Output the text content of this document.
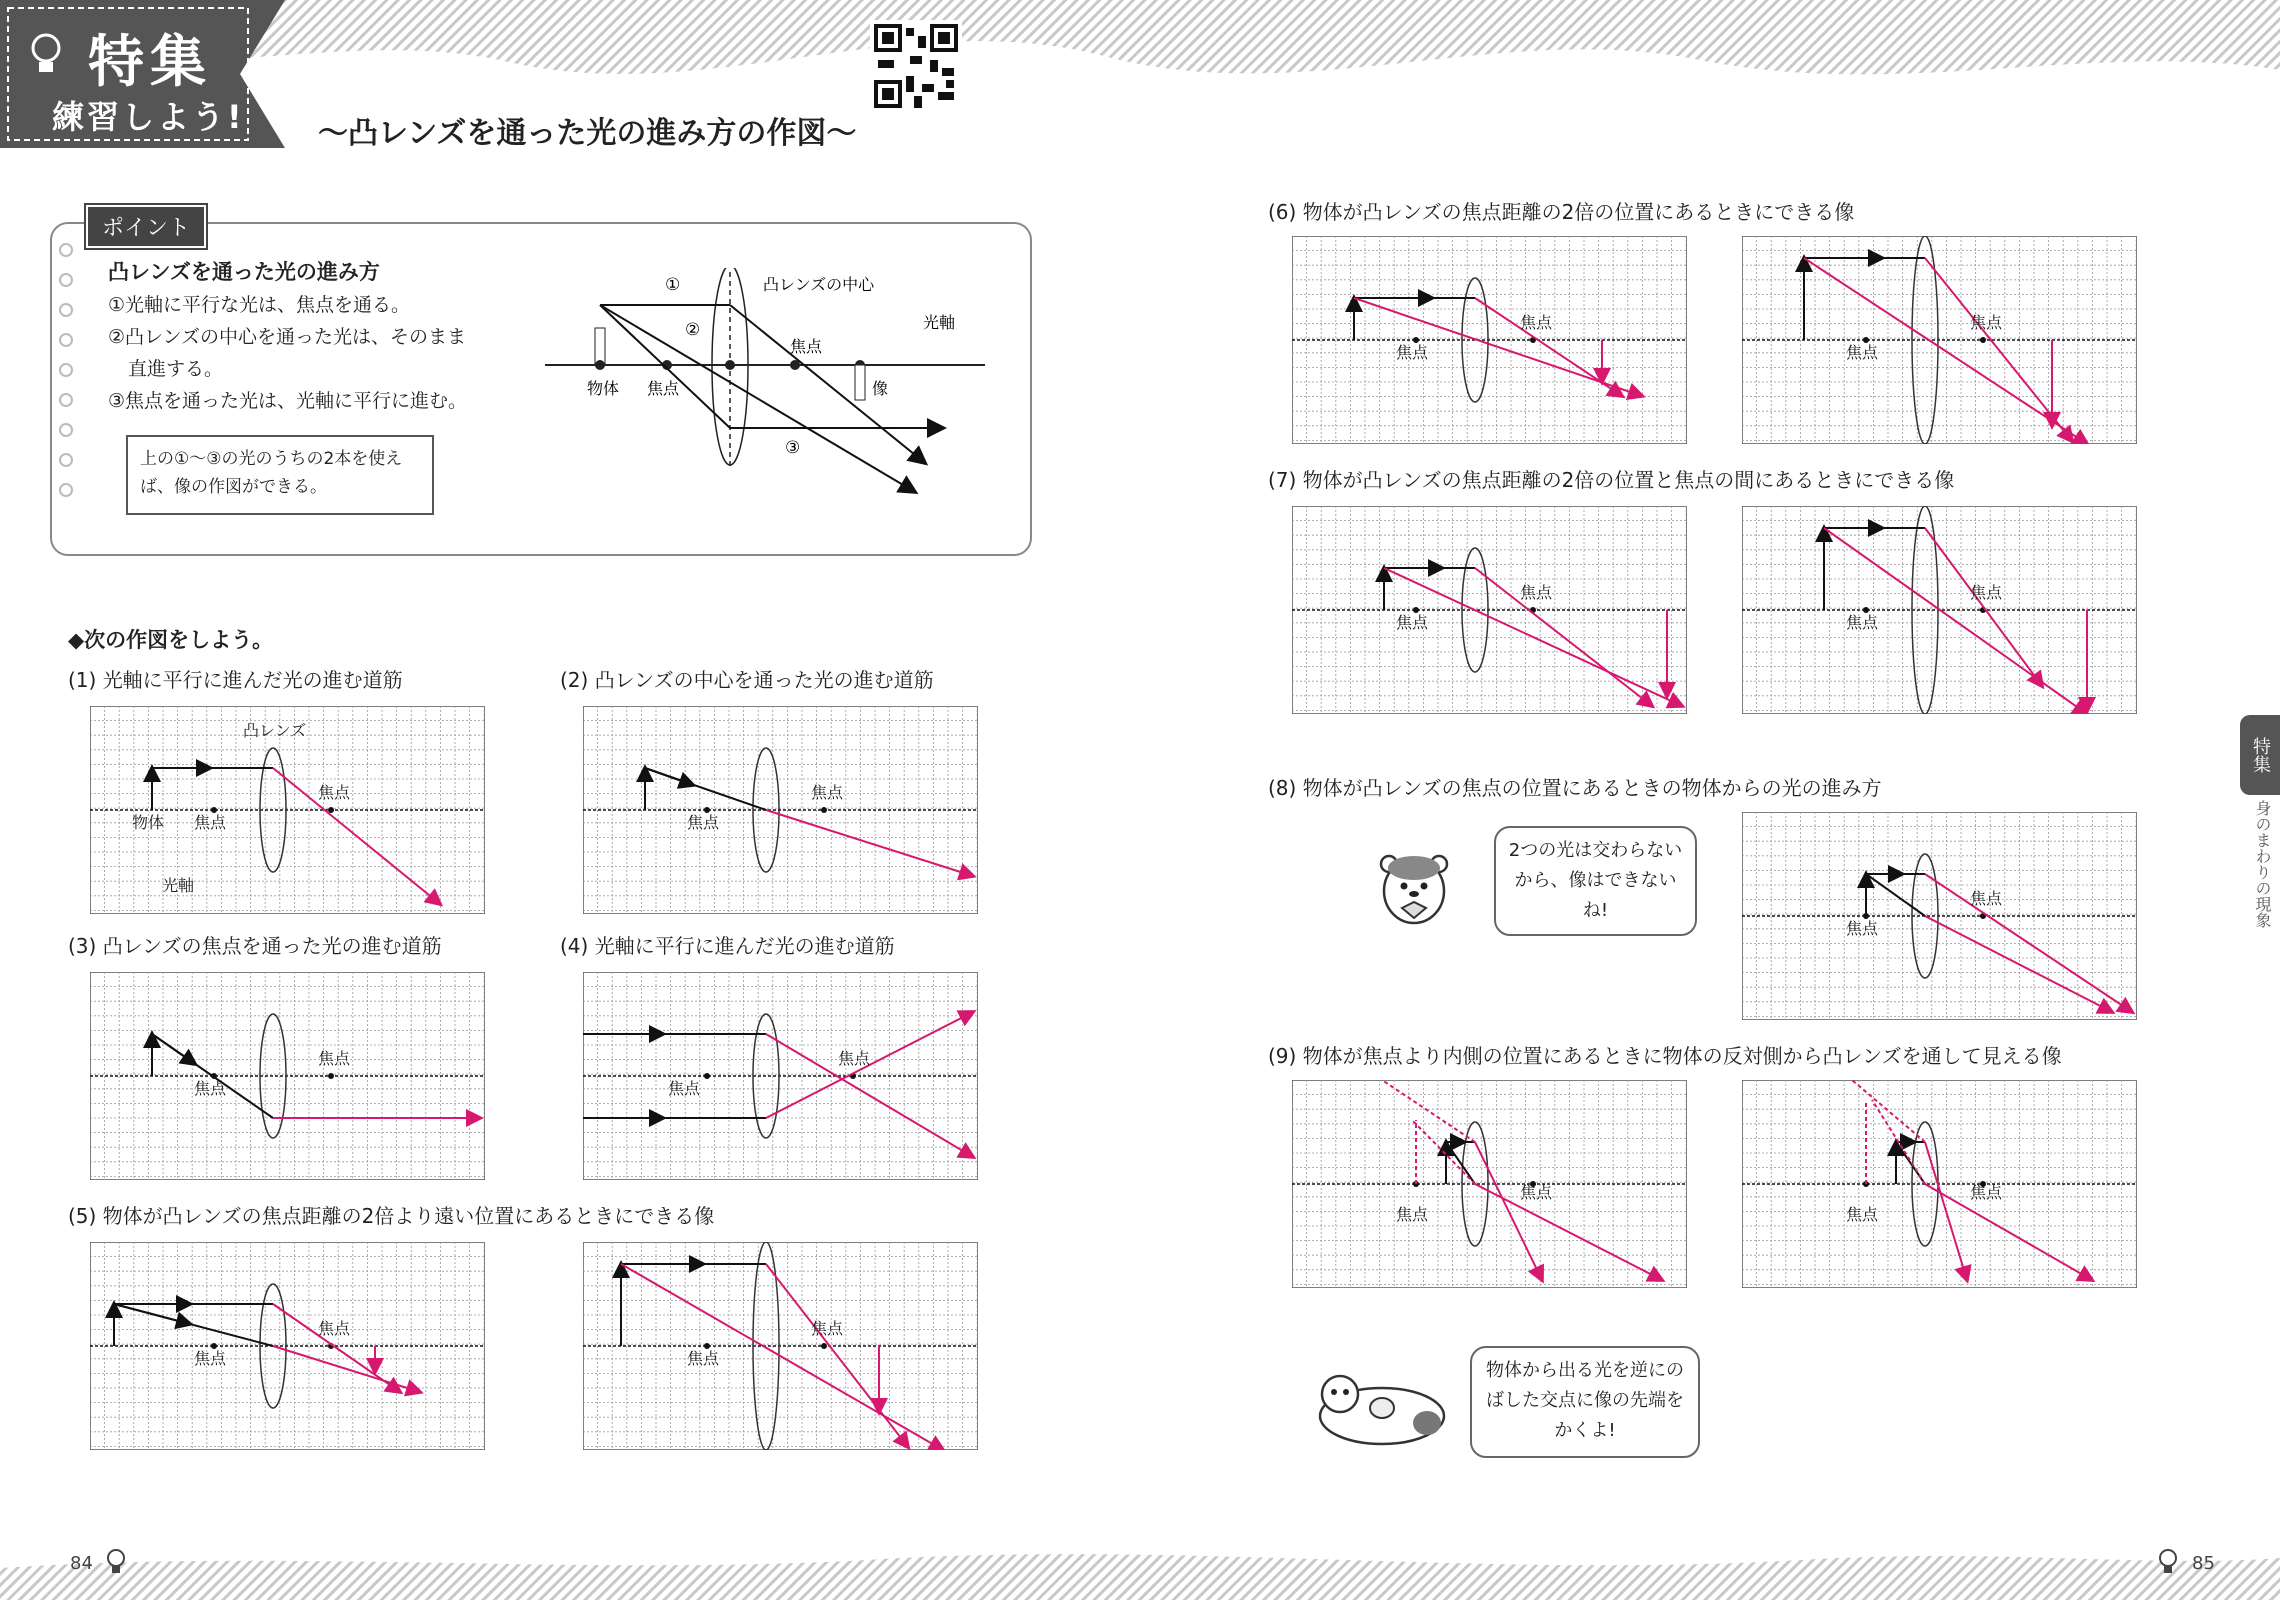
特集
練習しよう! 〜凸レンズを通った光の進み方の作図〜
ポイント
凸レンズを通った光の進み方
①光軸に平行な光は、焦点を通る。
②凸レンズの中心を通った光は、そのまま
直進する。
③焦点を通った光は、光軸に平行に進む。
上の①〜③の光のうちの2本を使えば、像の作図ができる。
①
②
③
凸レンズの中心
光軸
焦点
物体 焦点	像
◆次の作図をしよう。
(1) 光軸に平行に進んだ光の進む道筋	(2) 凸レンズの中心を通った光の進む道筋
(3) 凸レンズの焦点を通った光の進む道筋	(4) 光軸に平行に進んだ光の進む道筋
(5) 物体が凸レンズの焦点距離の2倍より遠い位置にあるときにできる像
(6) 物体が凸レンズの焦点距離の2倍の位置にあるときにできる像
(7) 物体が凸レンズの焦点距離の2倍の位置と焦点の間にあるときにできる像
(8) 物体が凸レンズの焦点の位置にあるときの物体からの光の進み方
(9) 物体が焦点より内側の位置にあるときに物体の反対側から凸レンズを通して見える像
凸レンズ
焦点
焦点
物体
光軸
焦点
焦点
焦点
焦点
焦点
焦点
焦点
焦点
焦点
焦点
焦点
焦点
焦点
焦点
焦点
焦点
焦点
焦点
焦点
焦点
焦点
焦点
焦点
焦点
2つの光は交わらないから、像はできないね!
物体から出る光を逆にのばした交点に像の先端をかくよ!
特集
身のまわりの現象
84	85
